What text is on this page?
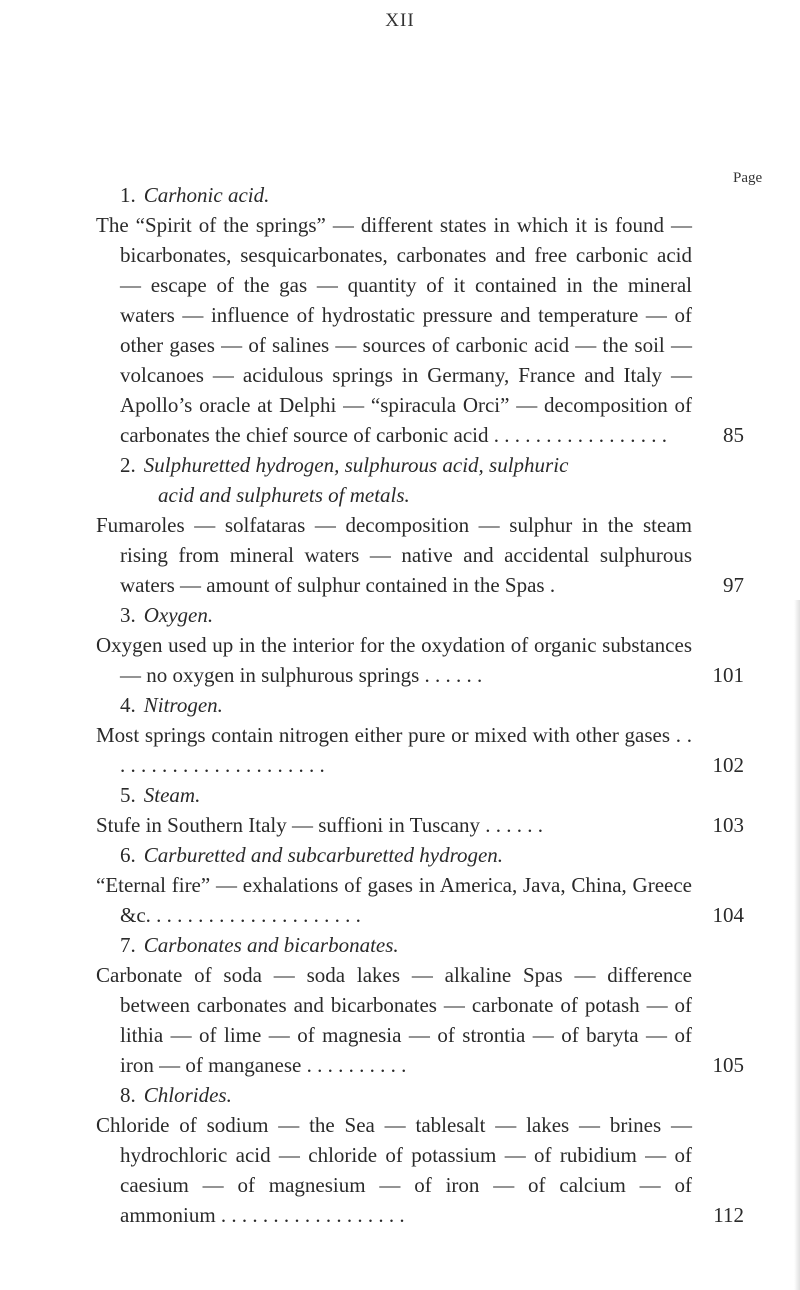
XII
Page
1. Carhonic acid.
The “Spirit of the springs” — different states in which it is found — bicarbonates, sesquicarbonates, carbonates and free carbonic acid — escape of the gas — quantity of it contained in the mineral waters — influence of hydrostatic pressure and temperature — of other gases — of salines — sources of carbonic acid — the soil — volcanoes — acidulous springs in Germany, France and Italy — Apollo’s oracle at Delphi — “spiracula Orci” — decomposition of carbonates the chief source of carbonic acid . . . . . . . . . . . . . . . . .	85
2. Sulphuretted hydrogen, sulphurous acid, sulphuric
acid and sulphurets of metals.
Fumaroles — solfataras — decomposition — sulphur in the steam rising from mineral waters — native and accidental sulphurous waters — amount of sulphur contained in the Spas .	97
3. Oxygen.
Oxygen used up in the interior for the oxydation of organic substances — no oxygen in sulphurous springs . . . . . .	101
4. Nitrogen.
Most springs contain nitrogen either pure or mixed with other gases . . . . . . . . . . . . . . . . . . . . . .	102
5. Steam.
Stufe in Southern Italy — suffioni in Tuscany . . . . . .	103
6. Carburetted and subcarburetted hydrogen.
“Eternal fire” — exhalations of gases in America, Java, China, Greece &c. . . . . . . . . . . . . . . . . . . . .	104
7. Carbonates and bicarbonates.
Carbonate of soda — soda lakes — alkaline Spas — difference between carbonates and bicarbonates — carbonate of potash — of lithia — of lime — of magnesia — of strontia — of baryta — of iron — of manganese . . . . . . . . . .	105
8. Chlorides.
Chloride of sodium — the Sea — tablesalt — lakes — brines — hydrochloric acid — chloride of potassium — of rubidium — of caesium — of magnesium — of iron — of calcium — of ammonium . . . . . . . . . . . . . . . . . .	112
